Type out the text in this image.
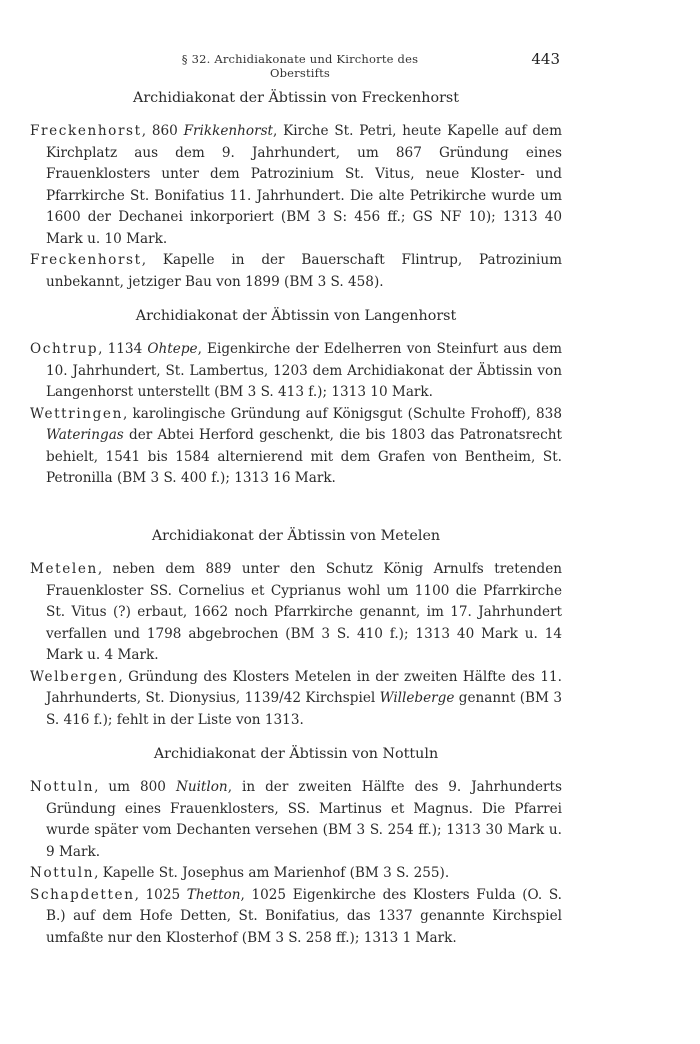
§ 32. Archidiakonate und Kirchorte des Oberstifts
443

Archidiakonat der Äbtissin von Freckenhorst

Freckenhorst, 860 Frikkenhorst, Kirche St. Petri, heute Kapelle auf dem Kirchplatz aus dem 9. Jahrhundert, um 867 Gründung eines Frauenklosters unter dem Patrozinium St. Vitus, neue Kloster- und Pfarrkirche St. Bonifatius 11. Jahrhundert. Die alte Petrikirche wurde um 1600 der Dechanei inkorporiert (BM 3 S: 456 ff.; GS NF 10); 1313 40 Mark u. 10 Mark.

Freckenhorst, Kapelle in der Bauerschaft Flintrup, Patrozinium unbekannt, jetziger Bau von 1899 (BM 3 S. 458).

Archidiakonat der Äbtissin von Langenhorst

Ochtrup, 1134 Ohtepe, Eigenkirche der Edelherren von Steinfurt aus dem 10. Jahrhundert, St. Lambertus, 1203 dem Archidiakonat der Äbtissin von Langenhorst unterstellt (BM 3 S. 413 f.); 1313 10 Mark.

Wettringen, karolingische Gründung auf Königsgut (Schulte Frohoff), 838 Wateringas der Abtei Herford geschenkt, die bis 1803 das Patronatsrecht behielt, 1541 bis 1584 alternierend mit dem Grafen von Bentheim, St. Petronilla (BM 3 S. 400 f.); 1313 16 Mark.

Archidiakonat der Äbtissin von Metelen

Metelen, neben dem 889 unter den Schutz König Arnulfs tretenden Frauenkloster SS. Cornelius et Cyprianus wohl um 1100 die Pfarrkirche St. Vitus (?) erbaut, 1662 noch Pfarrkirche genannt, im 17. Jahrhundert verfallen und 1798 abgebrochen (BM 3 S. 410 f.); 1313 40 Mark u. 14 Mark u. 4 Mark.

Welbergen, Gründung des Klosters Metelen in der zweiten Hälfte des 11. Jahrhunderts, St. Dionysius, 1139/42 Kirchspiel Willeberge genannt (BM 3 S. 416 f.); fehlt in der Liste von 1313.

Archidiakonat der Äbtissin von Nottuln

Nottuln, um 800 Nuitlon, in der zweiten Hälfte des 9. Jahrhunderts Gründung eines Frauenklosters, SS. Martinus et Magnus. Die Pfarrei wurde später vom Dechanten versehen (BM 3 S. 254 ff.); 1313 30 Mark u. 9 Mark.

Nottuln, Kapelle St. Josephus am Marienhof (BM 3 S. 255).

Schapdetten, 1025 Thetton, 1025 Eigenkirche des Klosters Fulda (O. S. B.) auf dem Hofe Detten, St. Bonifatius, das 1337 genannte Kirchspiel umfaßte nur den Klosterhof (BM 3 S. 258 ff.); 1313 1 Mark.
